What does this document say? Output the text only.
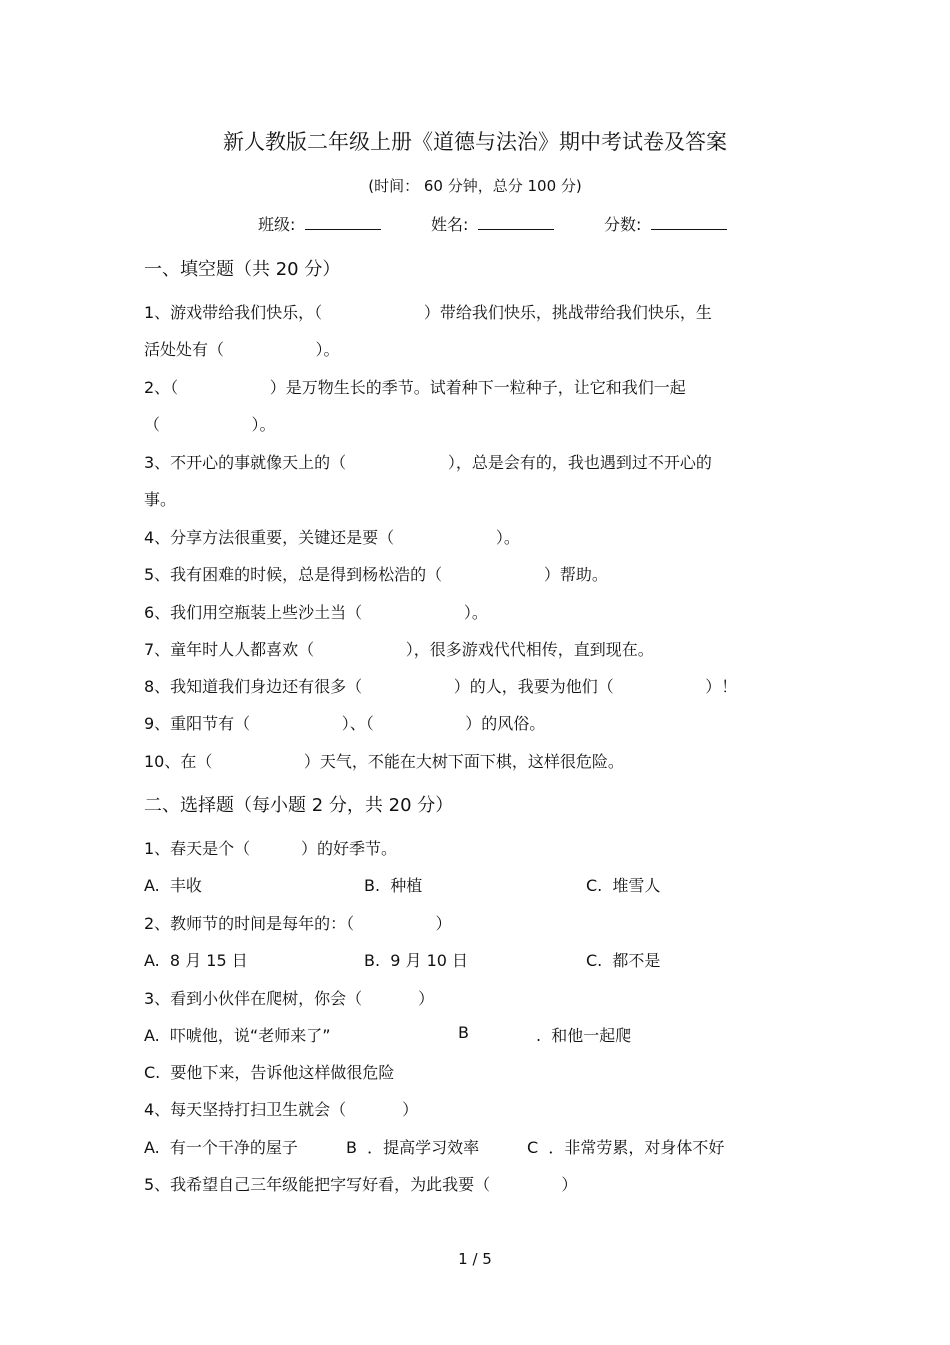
新人教版二年级上册《道德与法治》期中考试卷及答案
(时间： 60 分钟，总分 100 分)
班级:	姓名:	分数:
一、填空题（共 20 分）
1、游戏带给我们快乐，（                    ）带给我们快乐，挑战带给我们快乐，生
活处处有（                  ）。
2、（                  ）是万物生长的季节。试着种下一粒种子，让它和我们一起
（                  ）。
3、不开心的事就像天上的（                    ），总是会有的，我也遇到过不开心的
事。
4、分享方法很重要，关键还是要（                    ）。
5、我有困难的时候，总是得到杨松浩的（                    ）帮助。
6、我们用空瓶装上些沙土当（                    ）。
7、童年时人人都喜欢（                  ），很多游戏代代相传，直到现在。
8、我知道我们身边还有很多（                  ）的人，我要为他们（                  ）！
9、重阳节有（                  ）、（                  ）的风俗。
10、在（                  ）天气，不能在大树下面下棋，这样很危险。
二、选择题（每小题 2 分，共 20 分）
1、春天是个（          ）的好季节。
A.  丰收	B.  种植	C.  堆雪人
2、教师节的时间是每年的：（                ）
A.  8 月 15 日	B.  9 月 10 日	C.  都不是
3、看到小伙伴在爬树，你会（           ）
A.  吓唬他，说“老师来了”	B	.  和他一起爬
C.  要他下来，告诉他这样做很危险
4、每天坚持打扫卫生就会（           ）
A.  有一个干净的屋子	B  ．提高学习效率	C  ．非常劳累，对身体不好
5、我希望自己三年级能把字写好看，为此我要（              ）
1 / 5
